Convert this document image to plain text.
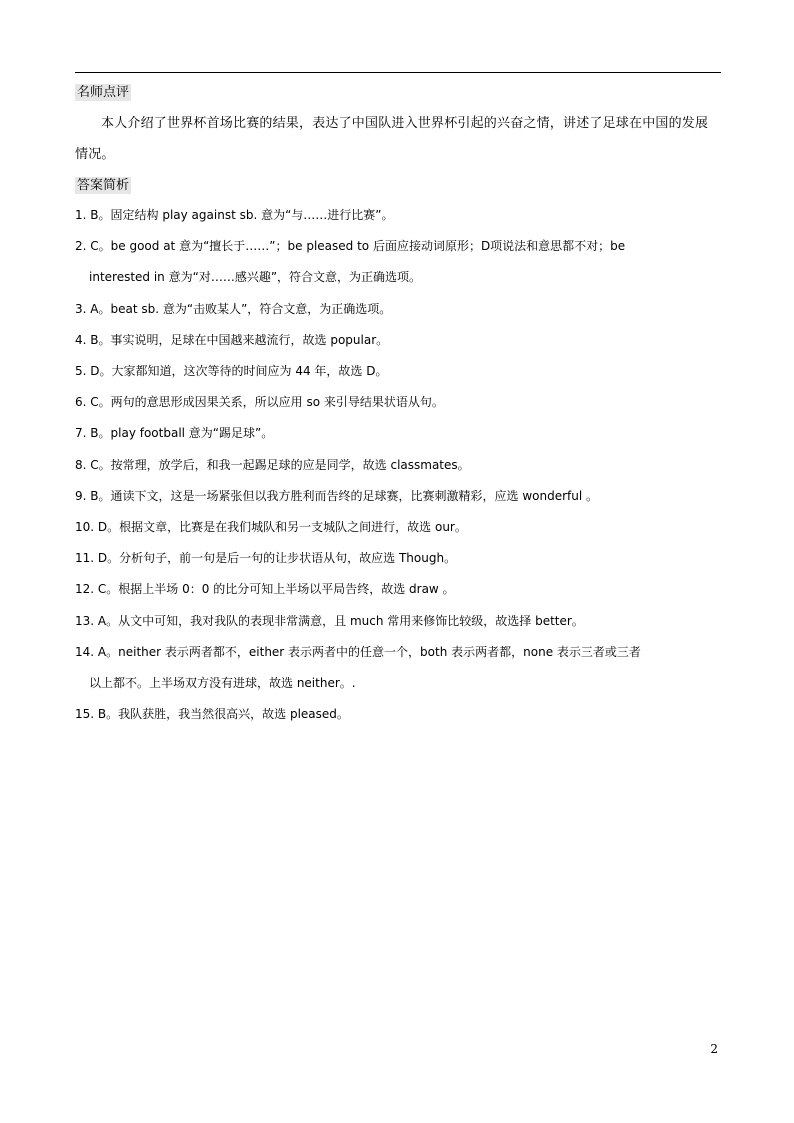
名师点评
本人介绍了世界杯首场比赛的结果，表达了中国队进入世界杯引起的兴奋之情，讲述了足球在中国的发展情况。
答案简析
1. B。固定结构 play against sb. 意为“与……进行比赛”。
2. C。be good at 意为“擅长于……”；be pleased to 后面应接动词原形；D项说法和意思都不对；be
interested in 意为“对……感兴趣”，符合文意，为正确选项。
3. A。beat sb. 意为“击败某人”，符合文意，为正确选项。
4. B。事实说明，足球在中国越来越流行，故选 popular。
5. D。大家都知道，这次等待的时间应为 44 年，故选 D。
6. C。两句的意思形成因果关系，所以应用 so 来引导结果状语从句。
7. B。play football 意为“踢足球”。
8. C。按常理，放学后，和我一起踢足球的应是同学，故选 classmates。
9. B。通读下文，这是一场紧张但以我方胜利而告终的足球赛，比赛刺激精彩，应选 wonderful 。
10. D。根据文章，比赛是在我们城队和另一支城队之间进行，故选 our。
11. D。分析句子，前一句是后一句的让步状语从句，故应选 Though。
12. C。根据上半场 0：0 的比分可知上半场以平局告终，故选 draw 。
13. A。从文中可知，我对我队的表现非常满意，且 much 常用来修饰比较级，故选择 better。
14. A。neither 表示两者都不，either 表示两者中的任意一个，both 表示两者都，none 表示三者或三者
以上都不。上半场双方没有进球，故选 neither。.
15. B。我队获胜，我当然很高兴，故选 pleased。
2
